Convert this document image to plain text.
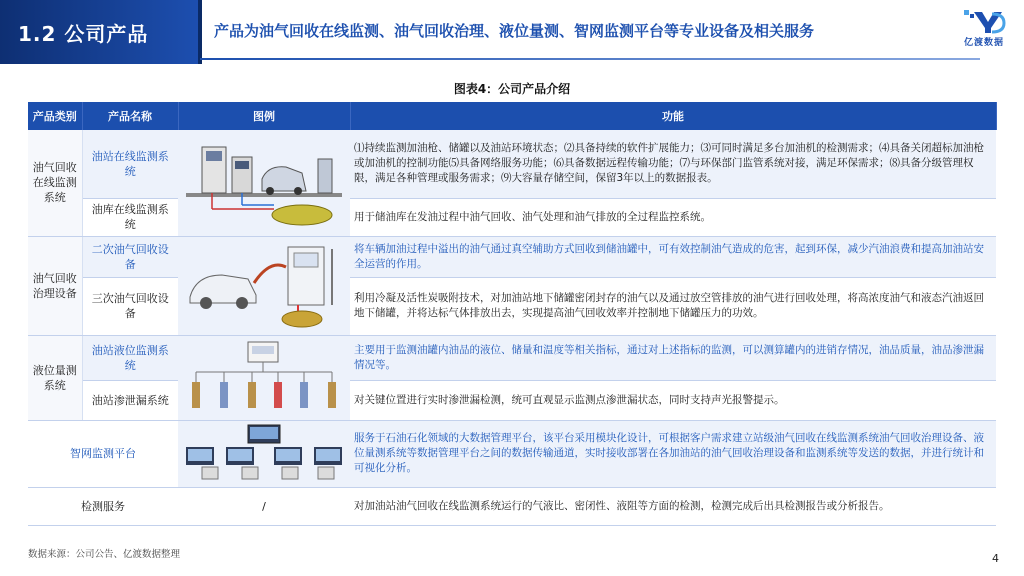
1.2 公司产品	产品为油气回收在线监测、油气回收治理、液位量测、智网监测平台等专业设备及相关服务
亿渡数据
图表4：公司产品介绍
产品类别	产品名称	图例	功能
油气回收在线监测系统	油站在线监测系统		⑴持续监测加油枪、储罐以及油站环境状态；⑵具备持续的软件扩展能力；⑶可同时满足多台加油机的检测需求；⑷具备关闭超标加油枪或加油机的控制功能⑸具备网络服务功能；⑹具备数据远程传输功能；⑺与环保部门监管系统对接，满足环保需求；⑻具备分级管理权限，满足各种管理或服务需求；⑼大容量存储空间，保留3年以上的数据报表。
	油库在线监测系统		用于储油库在发油过程中油气回收、油气处理和油气排放的全过程监控系统。
油气回收治理设备	二次油气回收设备		将车辆加油过程中溢出的油气通过真空辅助方式回收到储油罐中，可有效控制油气造成的危害，起到环保，减少汽油浪费和提高加油站安全运营的作用。
	三次油气回收设备		利用冷凝及活性炭吸附技术，对加油站地下储罐密闭封存的油气以及通过放空管排放的油气进行回收处理，将高浓度油气和液态汽油返回地下储罐，并将达标气体排放出去，实现提高油气回收效率并控制地下储罐压力的功效。
液位量测系统	油站液位监测系统		主要用于监测油罐内油品的液位、储量和温度等相关指标，通过对上述指标的监测，可以测算罐内的进销存情况，油品质量，油品渗泄漏情况等。
	油站渗泄漏系统		对关键位置进行实时渗泄漏检测，统可直观显示监测点渗泄漏状态，同时支持声光报警提示。
智网监测平台			服务于石油石化领域的大数据管理平台，该平台采用模块化设计，可根据客户需求建立站级油气回收在线监测系统油气回收治理设备、液位量测系统等数据管理平台之间的数据传输通道，实时接收部署在各加油站的油气回收治理设备和监测系统等发送的数据，并进行统计和可视化分析。
检测服务		/	对加油站油气回收在线监测系统运行的气液比、密闭性、液阻等方面的检测，检测完成后出具检测报告或分析报告。
数据来源：公司公告、亿渡数据整理	4
